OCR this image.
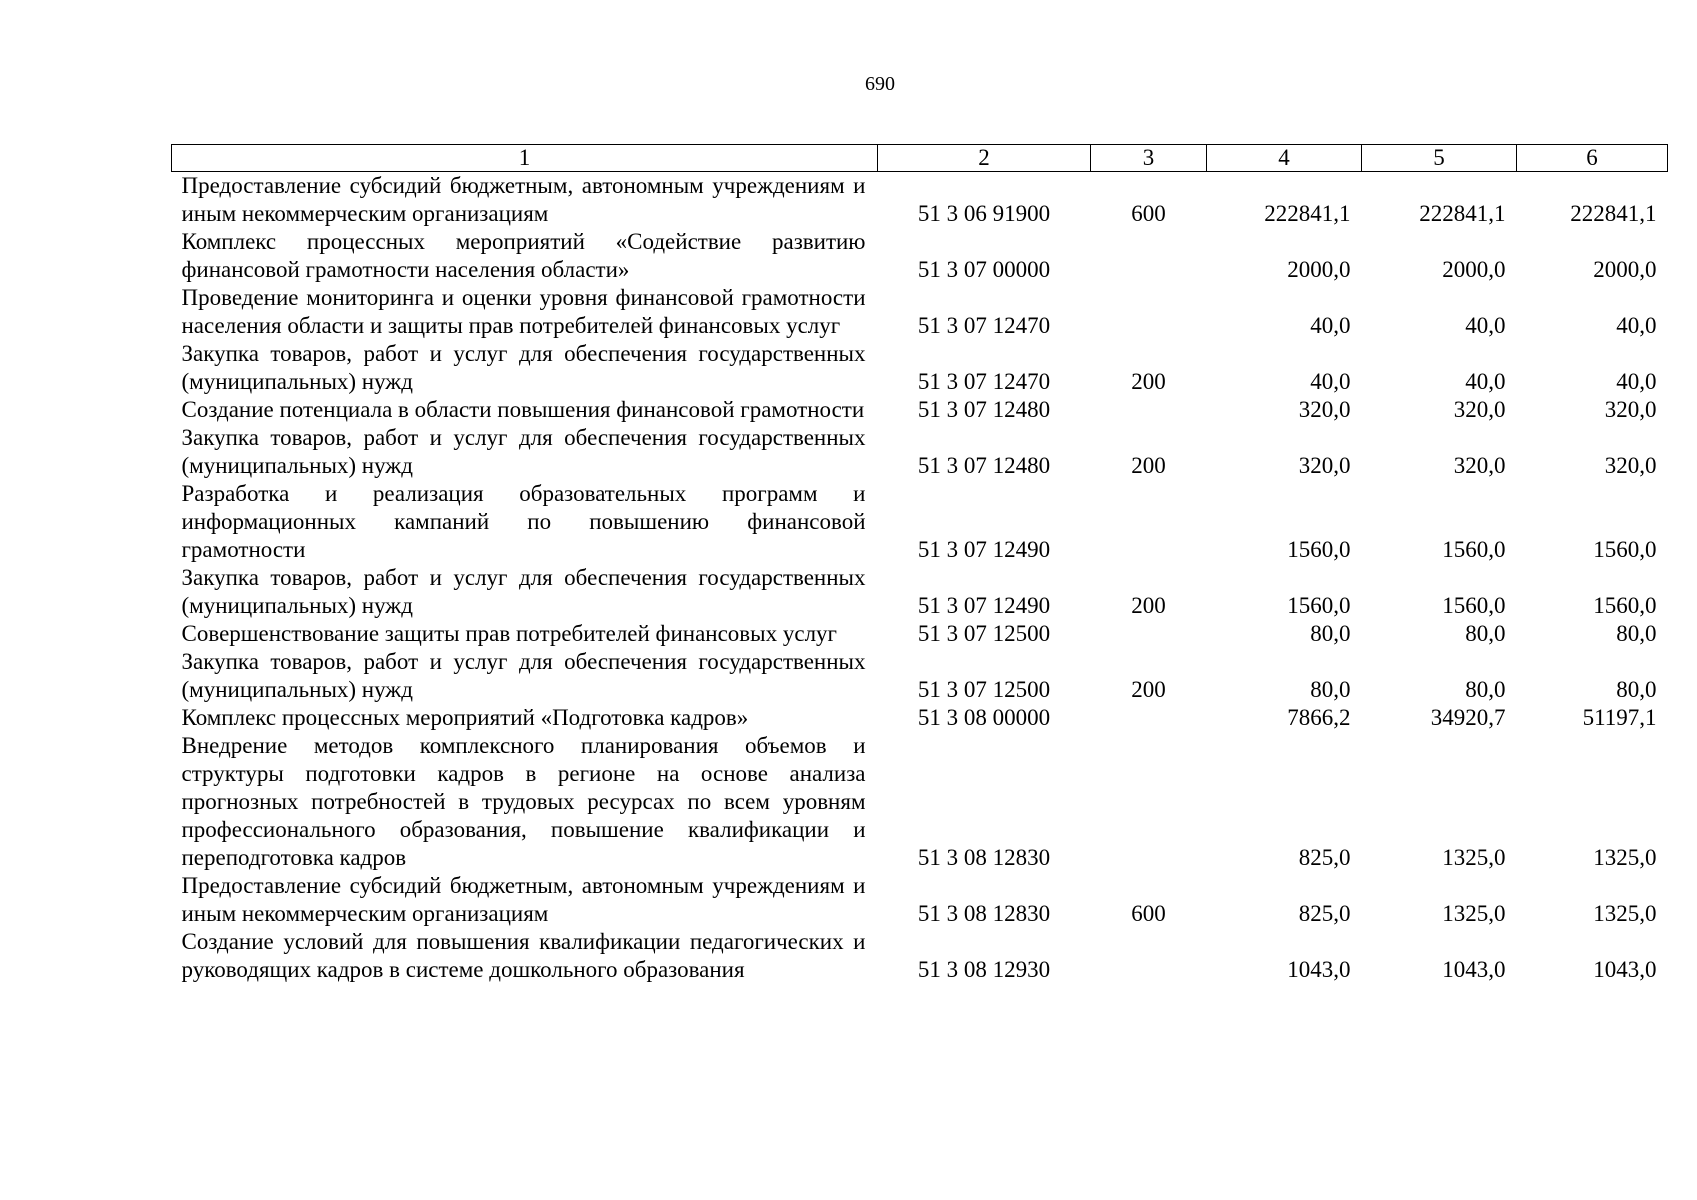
690
1	2	3	4	5	6
Предоставление субсидий бюджетным, автономным учреждениям и иным некоммерческим организациям	51 3 06 91900	600	222841,1	222841,1	222841,1
Комплекс процессных мероприятий «Содействие развитию финансовой грамотности населения области»	51 3 07 00000		2000,0	2000,0	2000,0
Проведение мониторинга и оценки уровня финансовой грамотности населения области и защиты прав потребителей финансовых услуг	51 3 07 12470		40,0	40,0	40,0
Закупка товаров, работ и услуг для обеспечения государственных (муниципальных) нужд	51 3 07 12470	200	40,0	40,0	40,0
Создание потенциала в области повышения финансовой грамотности	51 3 07 12480		320,0	320,0	320,0
Закупка товаров, работ и услуг для обеспечения государственных (муниципальных) нужд	51 3 07 12480	200	320,0	320,0	320,0
Разработка и реализация образовательных программ и информационных кампаний по повышению финансовой грамотности	51 3 07 12490		1560,0	1560,0	1560,0
Закупка товаров, работ и услуг для обеспечения государственных (муниципальных) нужд	51 3 07 12490	200	1560,0	1560,0	1560,0
Совершенствование защиты прав потребителей финансовых услуг	51 3 07 12500		80,0	80,0	80,0
Закупка товаров, работ и услуг для обеспечения государственных (муниципальных) нужд	51 3 07 12500	200	80,0	80,0	80,0
Комплекс процессных мероприятий «Подготовка кадров»	51 3 08 00000		7866,2	34920,7	51197,1
Внедрение методов комплексного планирования объемов и структуры подготовки кадров в регионе на основе анализа прогнозных потребностей в трудовых ресурсах по всем уровням профессионального образования, повышение квалификации и переподготовка кадров	51 3 08 12830		825,0	1325,0	1325,0
Предоставление субсидий бюджетным, автономным учреждениям и иным некоммерческим организациям	51 3 08 12830	600	825,0	1325,0	1325,0
Создание условий для повышения квалификации педагогических и руководящих кадров в системе дошкольного образования	51 3 08 12930		1043,0	1043,0	1043,0
